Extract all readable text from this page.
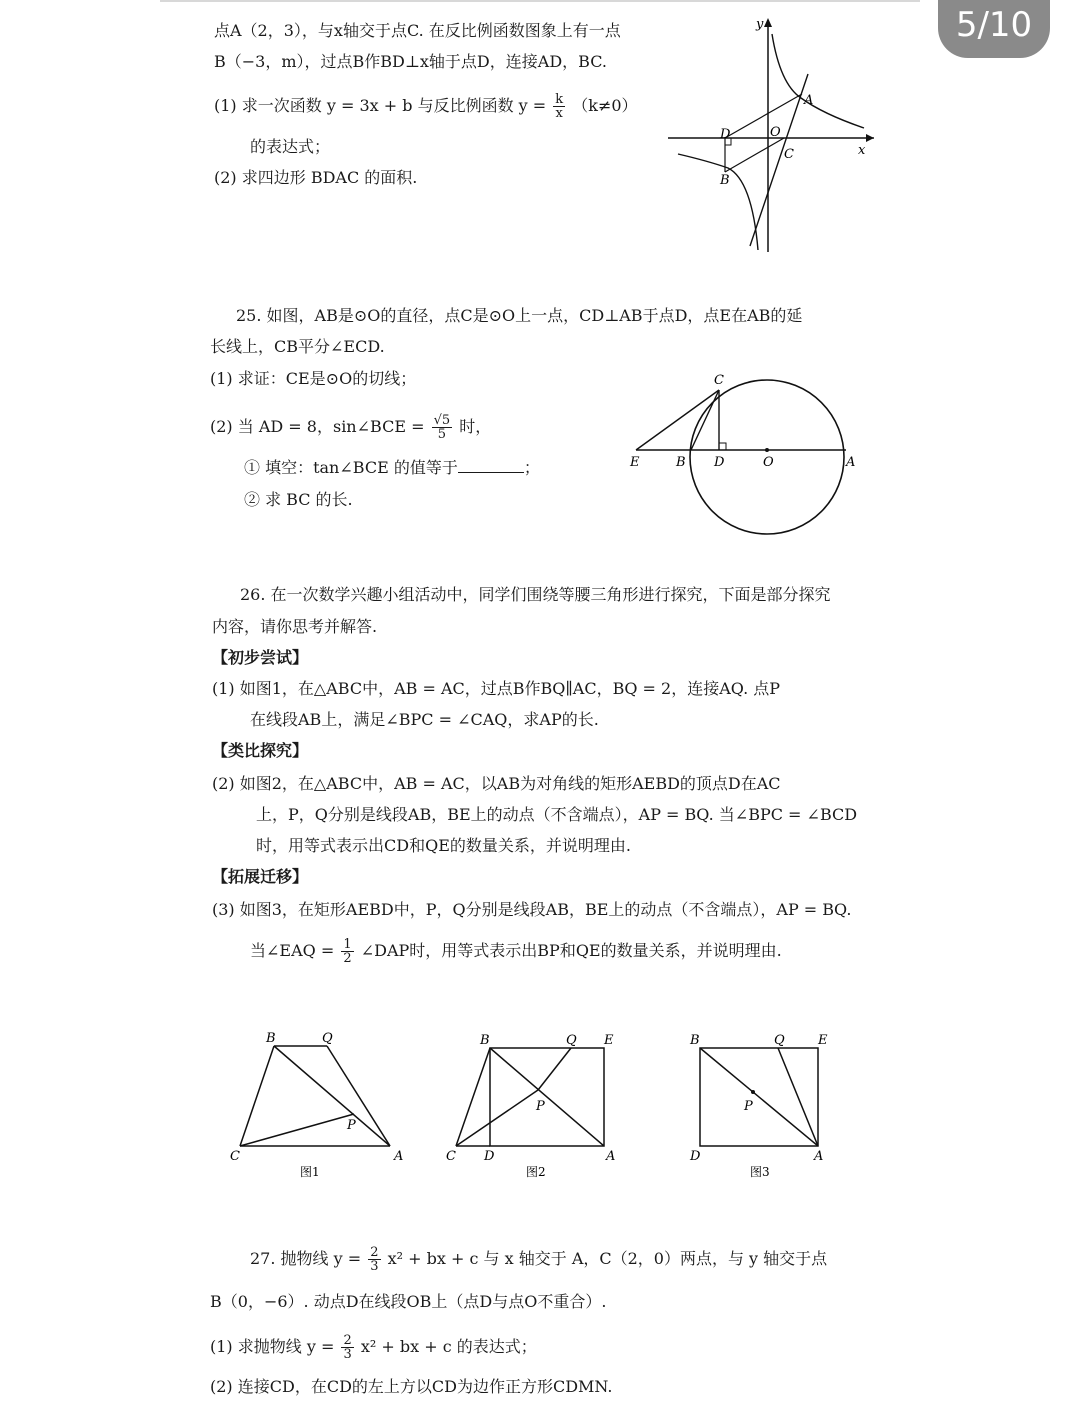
5/10
点A（2，3），与x轴交于点C. 在反比例函数图象上有一点
B（−3，m），过点B作BD⊥x轴于点D，连接AD，BC.
(1) 求一次函数 y = 3x + b 与反比例函数 $y = \frac{k}{x} (k\ne 0)$
的表达式；
(2) 求四边形 BDAC 的面积.
y
x
A
D	O
C
B
25. 如图，AB是⊙O的直径，点C是⊙O上一点，CD⊥AB于点D，点E在AB的延
长线上，CB平分∠ECD.
(1) 求证：CE是⊙O的切线；
(2) 当 AD = 8，sin∠BCE = $\frac{√5}{5}$ 时，
① 填空：tan∠BCE 的值等于	；
② 求 BC 的长.
C
E	B D	O	A
26. 在一次数学兴趣小组活动中，同学们围绕等腰三角形进行探究，下面是部分探究
内容，请你思考并解答.
【初步尝试】
(1) 如图1，在△ABC中，AB = AC，过点B作BQ∥AC，BQ = 2，连接AQ. 点P
在线段AB上，满足∠BPC = ∠CAQ，求AP的长.
【类比探究】
(2) 如图2，在△ABC中，AB = AC，以AB为对角线的矩形AEBD的顶点D在AC
上，P，Q分别是线段AB，BE上的动点（不含端点），AP = BQ. 当∠BPC = ∠BCD
时，用等式表示出CD和QE的数量关系，并说明理由.
【拓展迁移】
(3) 如图3，在矩形AEBD中，P，Q分别是线段AB，BE上的动点（不含端点），AP = BQ.
当∠EAQ = $\frac{1}{2}$ ∠DAP时，用等式表示出BP和QE的数量关系，并说明理由.
B	Q
P
C	A
图1
B	Q E
P
C D	A
图2
B	Q	E
P
D	A
图3
27. 抛物线 $y = \frac{2}{3} x^2$ + bx + c 与 x 轴交于 A，C（2，0）两点，与 y 轴交于点
B（0，−6）. 动点D在线段OB上（点D与点O不重合）.
(1) 求抛物线 $y = \frac{2}{3} x^2$ + bx + c 的表达式；
(2) 连接CD，在CD的左上方以CD为边作正方形CDMN.
